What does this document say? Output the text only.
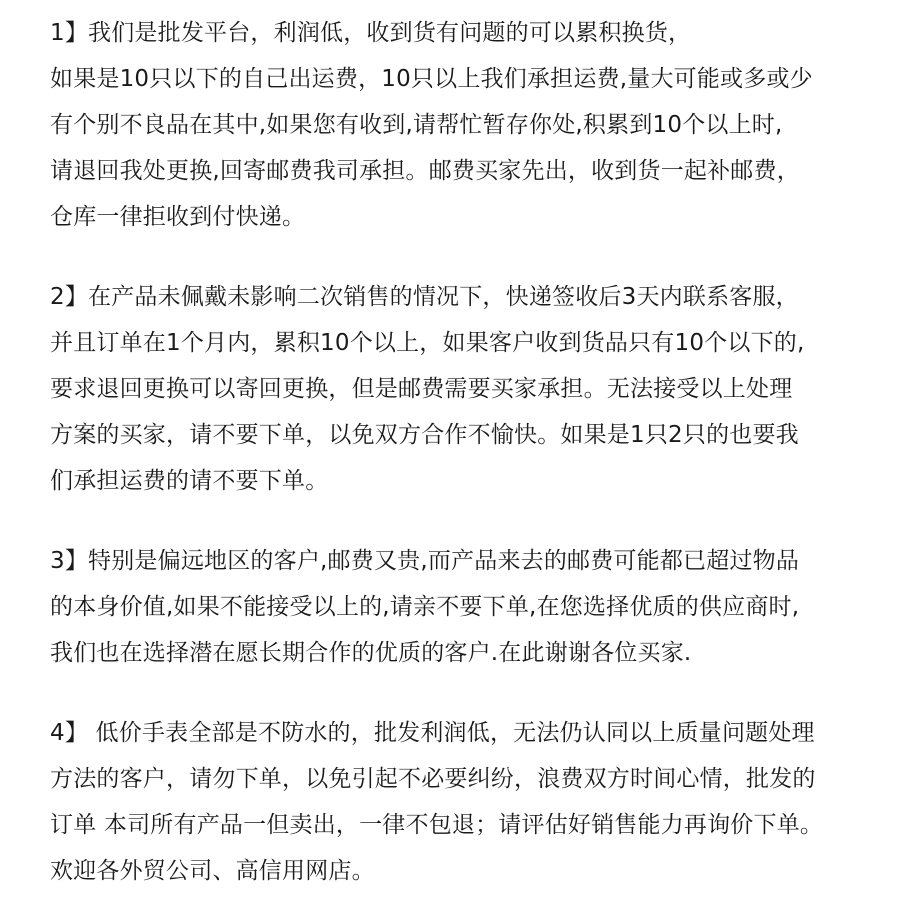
1】我们是批发平台，利润低，收到货有问题的可以累积换货，
如果是10只以下的自己出运费，10只以上我们承担运费,量大可能或多或少
有个别不良品在其中,如果您有收到,请帮忙暂存你处,积累到10个以上时,
请退回我处更换,回寄邮费我司承担。邮费买家先出，收到货一起补邮费，
仓库一律拒收到付快递。
2】在产品未佩戴未影响二次销售的情况下，快递签收后3天内联系客服，
并且订单在1个月内，累积10个以上，如果客户收到货品只有10个以下的,
要求退回更换可以寄回更换，但是邮费需要买家承担。无法接受以上处理
方案的买家，请不要下单，以免双方合作不愉快。如果是1只2只的也要我
们承担运费的请不要下单。
3】特别是偏远地区的客户,邮费又贵,而产品来去的邮费可能都已超过物品
的本身价值,如果不能接受以上的,请亲不要下单,在您选择优质的供应商时,
我们也在选择潜在愿长期合作的优质的客户.在此谢谢各位买家.
4】 低价手表全部是不防水的，批发利润低，无法仍认同以上质量问题处理
方法的客户，请勿下单，以免引起不必要纠纷，浪费双方时间心情，批发的
订单 本司所有产品一但卖出，一律不包退；请评估好销售能力再询价下单。
欢迎各外贸公司、高信用网店。
